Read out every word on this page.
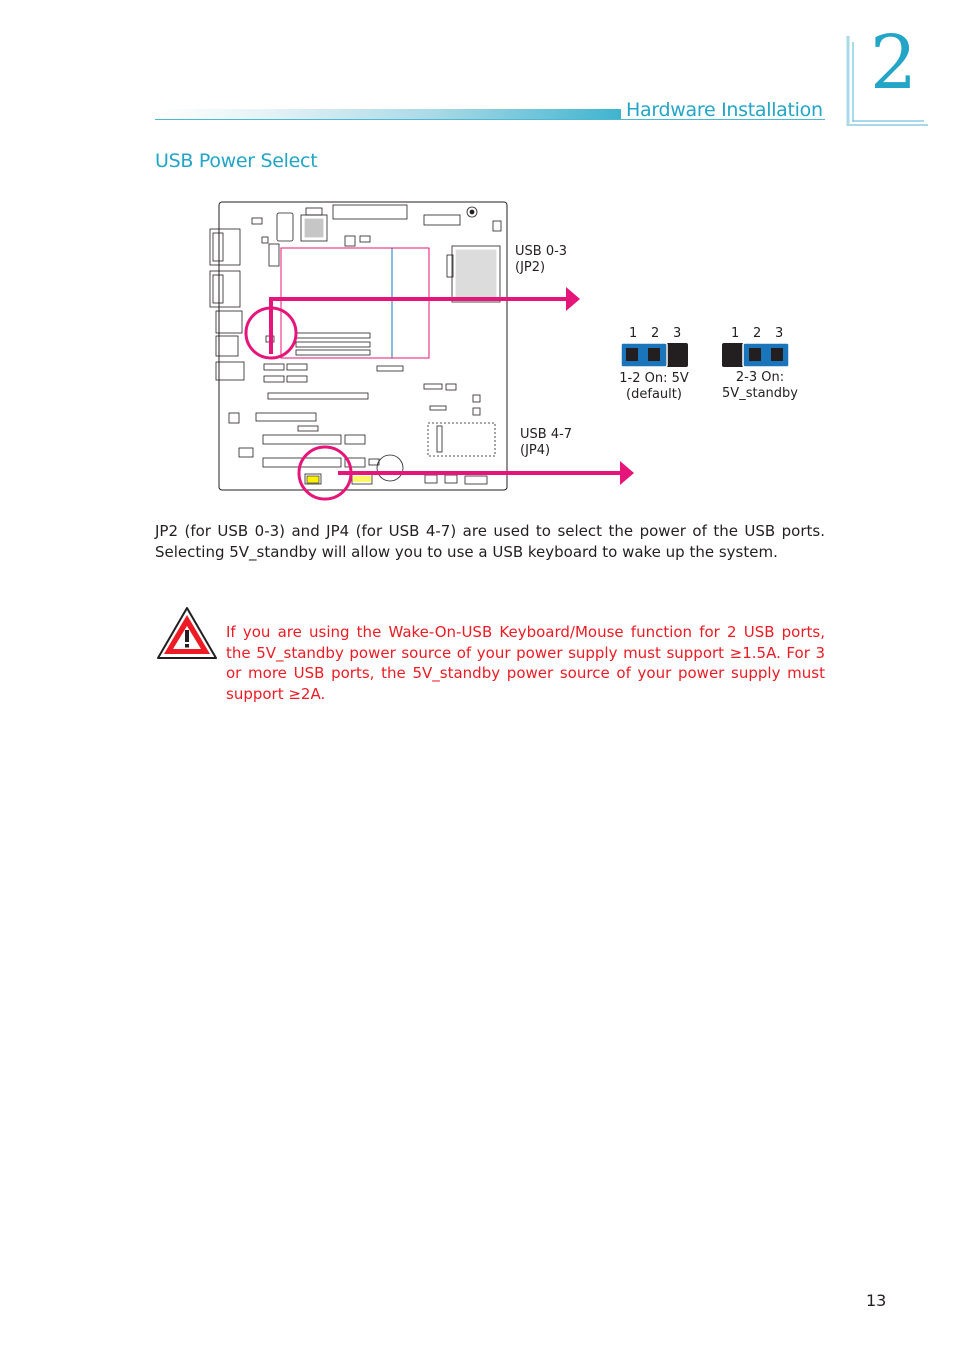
Hardware Installation
2
USB Power Select
USB 0-3
(JP2)
USB 4-7
(JP4)
1 2 3	1 2 3
1-2 On: 5V
(default)
2-3 On:
5V_standby
JP2 (for USB 0-3) and JP4 (for USB 4-7) are used to select the power of the USB ports. Selecting 5V_standby will allow you to use a USB keyboard to wake up the system.
If you are using the Wake-On-USB Keyboard/Mouse function for 2 USB ports, the 5V_standby power source of your power supply must support ≥1.5A. For 3 or more USB ports, the 5V_standby power source of your power supply must support ≥2A.
13
